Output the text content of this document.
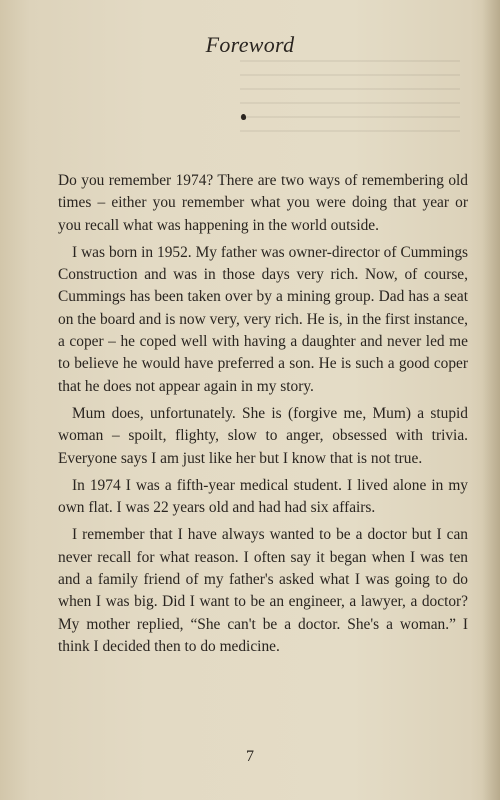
Foreword

Do you remember 1974? There are two ways of remembering old times – either you remember what you were doing that year or you recall what was happening in the world outside.

I was born in 1952. My father was owner-director of Cummings Construction and was in those days very rich. Now, of course, Cummings has been taken over by a mining group. Dad has a seat on the board and is now very, very rich. He is, in the first instance, a coper – he coped well with having a daughter and never led me to believe he would have preferred a son. He is such a good coper that he does not appear again in my story.

Mum does, unfortunately. She is (forgive me, Mum) a stupid woman – spoilt, flighty, slow to anger, obsessed with trivia. Everyone says I am just like her but I know that is not true.

In 1974 I was a fifth-year medical student. I lived alone in my own flat. I was 22 years old and had had six affairs.

I remember that I have always wanted to be a doctor but I can never recall for what reason. I often say it began when I was ten and a family friend of my father's asked what I was going to do when I was big. Did I want to be an engineer, a lawyer, a doctor? My mother replied, “She can't be a doctor. She's a woman.” I think I decided then to do medicine.

7
